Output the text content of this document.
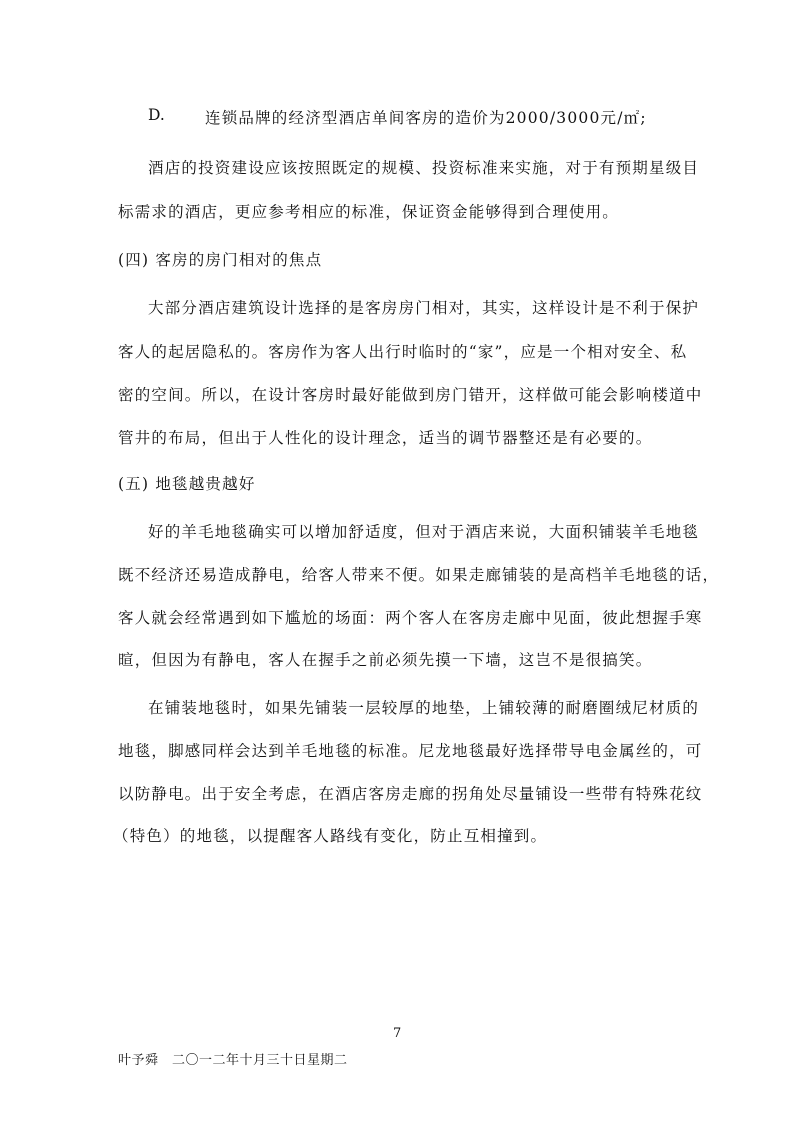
D.	连锁品牌的经济型酒店单间客房的造价为2000/3000元/㎡;
酒店的投资建设应该按照既定的规模、投资标准来实施，对于有预期星级目
标需求的酒店，更应参考相应的标准，保证资金能够得到合理使用。
(四) 客房的房门相对的焦点
大部分酒店建筑设计选择的是客房房门相对，其实，这样设计是不利于保护
客人的起居隐私的。客房作为客人出行时临时的“家”，应是一个相对安全、私
密的空间。所以，在设计客房时最好能做到房门错开，这样做可能会影响楼道中
管井的布局，但出于人性化的设计理念，适当的调节器整还是有必要的。
(五) 地毯越贵越好
好的羊毛地毯确实可以增加舒适度，但对于酒店来说，大面积铺装羊毛地毯
既不经济还易造成静电，给客人带来不便。如果走廊铺装的是高档羊毛地毯的话，
客人就会经常遇到如下尴尬的场面：两个客人在客房走廊中见面，彼此想握手寒
暄，但因为有静电，客人在握手之前必须先摸一下墙，这岂不是很搞笑。
在铺装地毯时，如果先铺装一层较厚的地垫，上铺较薄的耐磨圈绒尼材质的
地毯，脚感同样会达到羊毛地毯的标准。尼龙地毯最好选择带导电金属丝的，可
以防静电。出于安全考虑，在酒店客房走廊的拐角处尽量铺设一些带有特殊花纹
（特色）的地毯，以提醒客人路线有变化，防止互相撞到。
7
叶予舜　二〇一二年十月三十日星期二
